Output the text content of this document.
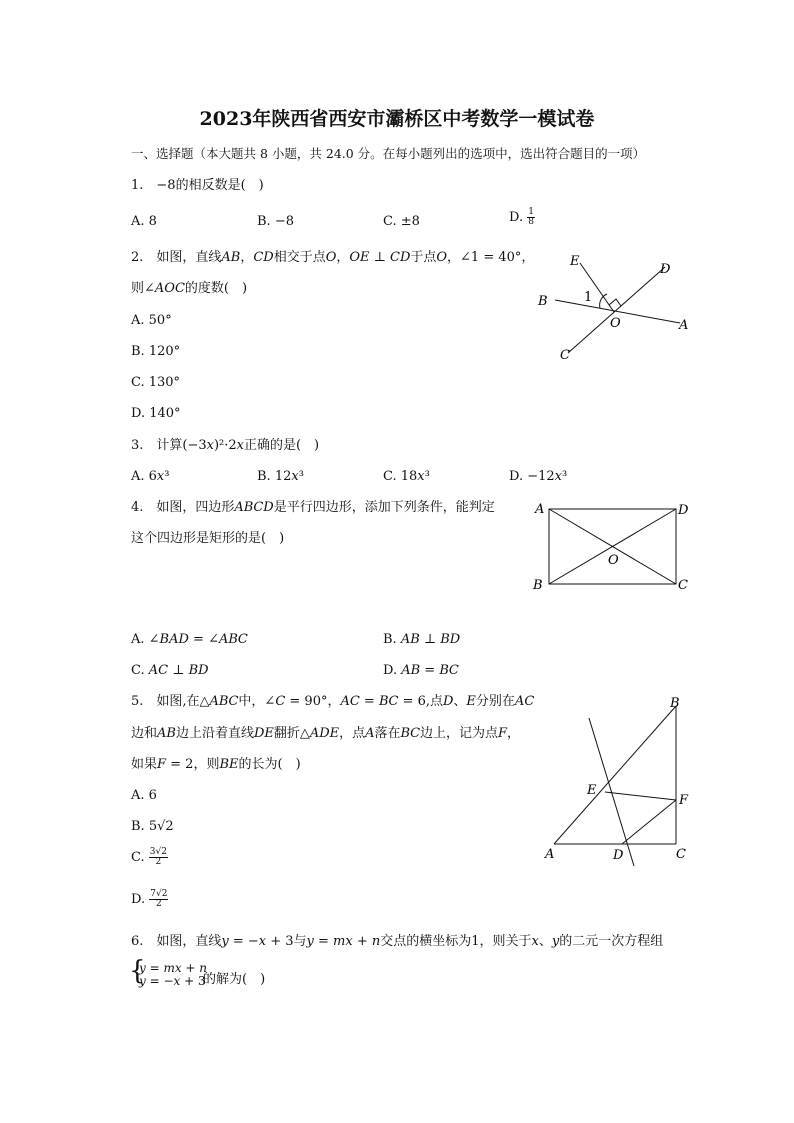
2023年陕西省西安市灞桥区中考数学一模试卷
一、选择题（本大题共 8 小题，共 24.0 分。在每小题列出的选项中，选出符合题目的一项）
1.　−8的相反数是(　)
A. 8	B. −8	C. ±8	D. $\frac{1}{8}$
2.　如图，直线𝐴𝐵，𝐶𝐷相交于点𝑂，𝑂𝐸 ⊥ 𝐶𝐷于点𝑂，∠1 = 40°，
则∠𝐴𝑂𝐶的度数(　)
A. 50°
B. 120°
C. 130°
D. 140°
E
D
B	1
O	A
C
3.　计算(−3𝑥)²·2𝑥正确的是(　)
A. 6𝑥³	B. 12𝑥³	C. 18𝑥³	D. −12𝑥³
4.　如图，四边形𝐴𝐵𝐶𝐷是平行四边形，添加下列条件，能判定
这个四边形是矩形的是(　)
A. ∠𝐵𝐴𝐷 = ∠𝐴𝐵𝐶	B. 𝐴𝐵 ⊥ 𝐵𝐷
C. 𝐴𝐶 ⊥ 𝐵𝐷	D. 𝐴𝐵 = 𝐵𝐶
A	D
O
B	C
5.　如图,在△𝐴𝐵𝐶中，∠𝐶 = 90°，𝐴𝐶 = 𝐵𝐶 = 6,点𝐷、𝐸分别在𝐴𝐶
边和𝐴𝐵边上沿着直线𝐷𝐸翻折△𝐴𝐷𝐸，点𝐴落在𝐵𝐶边上，记为点𝐹，
如果𝐹 = 2，则𝐵𝐸的长为(　)
A. 6
B. 5√2
C. $\frac{3√2}{2}$
D. $\frac{7√2}{2}$
B
E
F
A	D	C
6.　如图，直线𝑦 = −𝑥 + 3与𝑦 = 𝑚𝑥 + 𝑛交点的横坐标为1，则关于𝑥、𝑦的二元一次方程组
{
𝑦 = 𝑚𝑥 + 𝑛
𝑦 = −𝑥 + 3
的解为(　)
